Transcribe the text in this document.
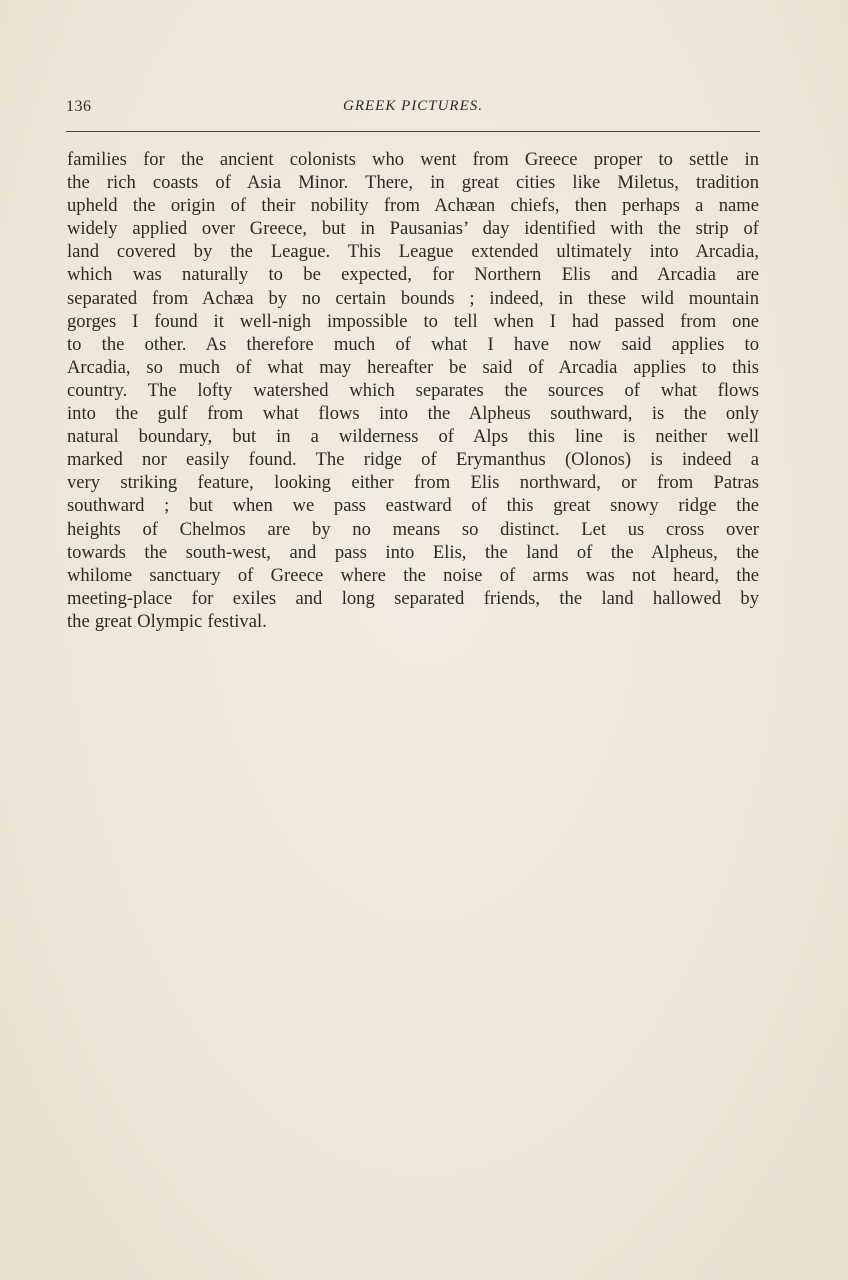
136	GREEK PICTURES.

families for the ancient colonists who went from Greece proper to settle in
the rich coasts of Asia Minor. There, in great cities like Miletus, tradition
upheld the origin of their nobility from Achæan chiefs, then perhaps a name
widely applied over Greece, but in Pausanias’ day identified with the strip of
land covered by the League. This League extended ultimately into Arcadia,
which was naturally to be expected, for Northern Elis and Arcadia are
separated from Achæa by no certain bounds ; indeed, in these wild mountain
gorges I found it well-nigh impossible to tell when I had passed from one
to the other. As therefore much of what I have now said applies to
Arcadia, so much of what may hereafter be said of Arcadia applies to this
country. The lofty watershed which separates the sources of what flows
into the gulf from what flows into the Alpheus southward, is the only
natural boundary, but in a wilderness of Alps this line is neither well
marked nor easily found. The ridge of Erymanthus (Olonos) is indeed a
very striking feature, looking either from Elis northward, or from Patras
southward ; but when we pass eastward of this great snowy ridge the
heights of Chelmos are by no means so distinct. Let us cross over
towards the south-west, and pass into Elis, the land of the Alpheus, the
whilome sanctuary of Greece where the noise of arms was not heard, the
meeting-place for exiles and long separated friends, the land hallowed by
the great Olympic festival.
